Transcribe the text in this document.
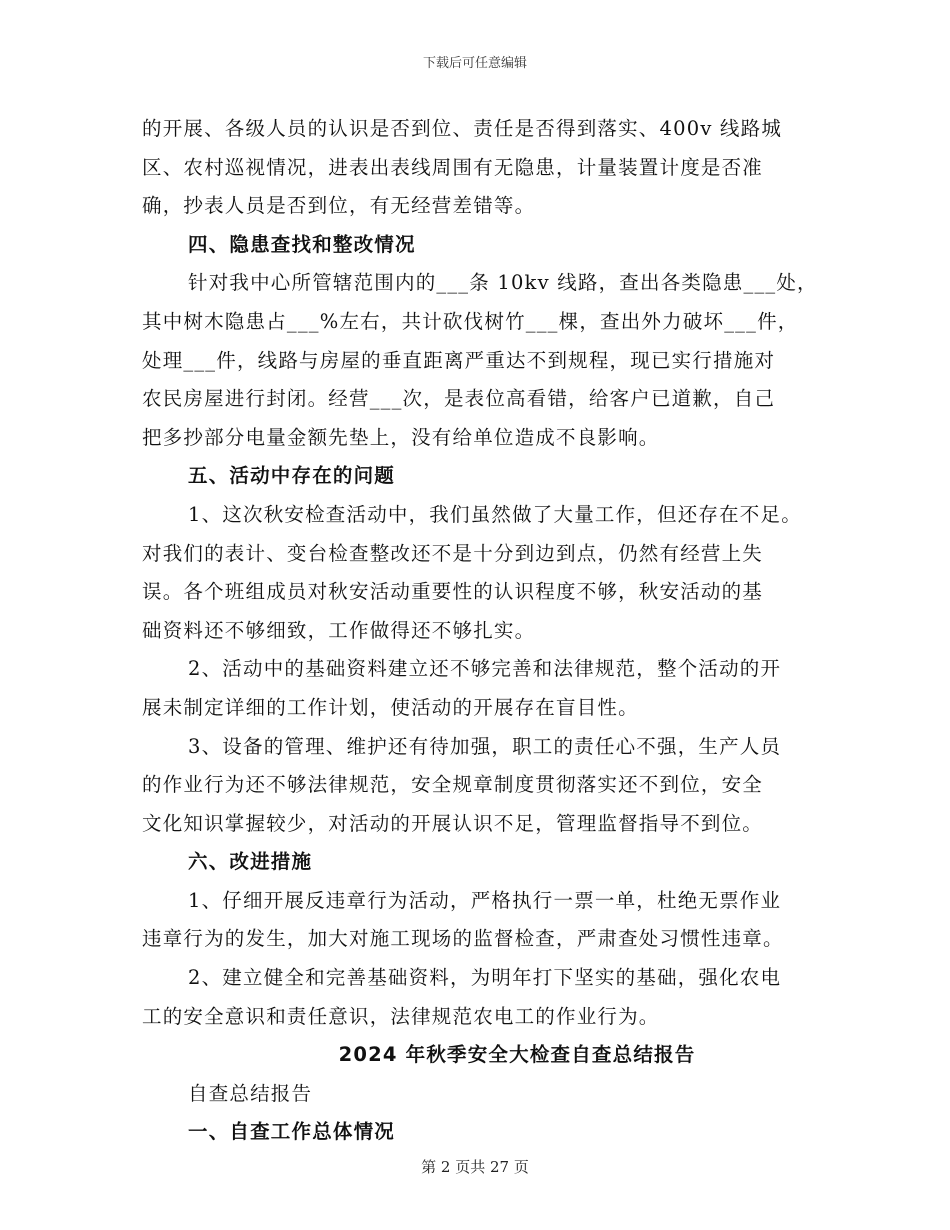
下载后可任意编辑
的开展、各级人员的认识是否到位、责任是否得到落实、400v 线路城
区、农村巡视情况，进表出表线周围有无隐患，计量装置计度是否准
确，抄表人员是否到位，有无经营差错等。
四、隐患查找和整改情况
针对我中心所管辖范围内的___条 10kv 线路，查出各类隐患___处，
其中树木隐患占___%左右，共计砍伐树竹___棵，查出外力破坏___件，
处理___件，线路与房屋的垂直距离严重达不到规程，现已实行措施对
农民房屋进行封闭。经营___次，是表位高看错，给客户已道歉，自己
把多抄部分电量金额先垫上，没有给单位造成不良影响。
五、活动中存在的问题
1、这次秋安检查活动中，我们虽然做了大量工作，但还存在不足。
对我们的表计、变台检查整改还不是十分到边到点，仍然有经营上失
误。各个班组成员对秋安活动重要性的认识程度不够，秋安活动的基
础资料还不够细致，工作做得还不够扎实。
2、活动中的基础资料建立还不够完善和法律规范，整个活动的开
展未制定详细的工作计划，使活动的开展存在盲目性。
3、设备的管理、维护还有待加强，职工的责任心不强，生产人员
的作业行为还不够法律规范，安全规章制度贯彻落实还不到位，安全
文化知识掌握较少，对活动的开展认识不足，管理监督指导不到位。
六、改进措施
1、仔细开展反违章行为活动，严格执行一票一单，杜绝无票作业
违章行为的发生，加大对施工现场的监督检查，严肃查处习惯性违章。
2、建立健全和完善基础资料，为明年打下坚实的基础，强化农电
工的安全意识和责任意识，法律规范农电工的作业行为。
2024 年秋季安全大检查自查总结报告
自查总结报告
一、自查工作总体情况
第 2 页共 27 页
